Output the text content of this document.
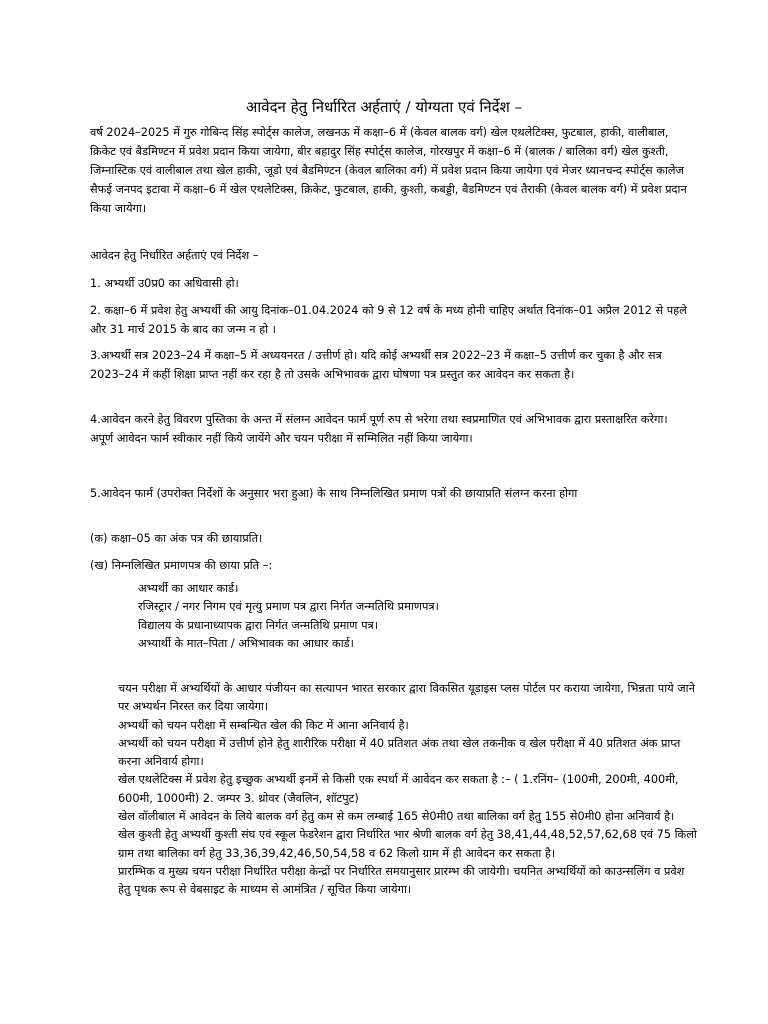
आवेदन हेतु निर्धारित अर्हताएं / योग्यता एवं निर्देश –
वर्ष 2024–2025 में गुरु गोबिन्द सिंह स्पोर्ट्स कालेज, लखनऊ में कक्षा–6 में (केवल बालक वर्ग) खेल एथलेटिक्स, फुटबाल, हाकी, वालीबाल, क्रिकेट एवं बैडमिण्टन में प्रवेश प्रदान किया जायेगा, बीर बहादुर सिंह स्पोर्ट्स कालेज, गोरखपुर में कक्षा–6 में (बालक / बालिका वर्ग) खेल कुश्ती, जिम्नास्टिक एवं वालीबाल तथा खेल हाकी, जूडो एवं बैडमिण्टन (केवल बालिका वर्ग) में प्रवेश प्रदान किया जायेगा एवं मेजर ध्यानचन्द स्पोर्ट्स कालेज सैफई जनपद इटावा में कक्षा–6 में खेल एथलेटिक्स, क्रिकेट, फुटबाल, हाकी, कुश्ती, कबड्डी, बैडमिण्टन एवं तैराकी (केवल बालक वर्ग) में प्रवेश प्रदान किया जायेगा।
आवेदन हेतु निर्धारित अर्हताएं एवं निर्देश –
1. अभ्यर्थी उ0प्र0 का अधिवासी हो।
2. कक्षा–6 में प्रवेश हेतु अभ्यर्थी की आयु दिनांक–01.04.2024 को 9 से 12 वर्ष के मध्य होनी चाहिए अर्थात दिनांक–01 अप्रैल 2012 से पहले और 31 मार्च 2015 के बाद का जन्म न हो ।
3.अभ्यर्थी सत्र 2023–24 में कक्षा–5 में अध्ययनरत / उत्तीर्ण हो। यदि कोई अभ्यर्थी सत्र 2022–23 में कक्षा–5 उत्तीर्ण कर चुका है और सत्र 2023–24 में कहीं शिक्षा प्राप्त नहीं कर रहा है तो उसके अभिभावक द्वारा घोषणा पत्र प्रस्तुत कर आवेदन कर सकता है।
4.आवेदन करने हेतु विवरण पुस्तिका के अन्त में संलग्न आवेदन फार्म पूर्ण रुप से भरेगा तथा स्वप्रमाणित एवं अभिभावक द्वारा प्रस्ताक्षरित करेगा। अपूर्ण आवेदन फार्म स्वीकार नहीं किये जायेंगे और चयन परीक्षा में सम्मिलित नहीं किया जायेगा।
5.आवेदन फार्म (उपरोक्त निर्देशों के अनुसार भरा हुआ) के साथ निम्नलिखित प्रमाण पत्रों की छायाप्रति संलग्न करना होगा
(क) कक्षा–05 का अंक पत्र की छायाप्रति।
(ख) निम्नलिखित प्रमाणपत्र की छाया प्रति –:

अभ्यर्थी का आधार कार्ड।

रजिस्ट्रार / नगर निगम एवं मृत्यु प्रमाण पत्र द्वारा निर्गत जन्मतिथि प्रमाणपत्र।

विद्यालय के प्रधानाध्यापक द्वारा निर्गत जन्मतिथि प्रमाण पत्र।

अभ्यार्थी के मात–पिता / अभिभावक का आधार कार्ड।

चयन परीक्षा में अभ्यर्थियों के आधार पंजीयन का सत्यापन भारत सरकार द्वारा विकसित यूडाइस प्लस पोर्टल पर कराया जायेगा, भिन्नता पाये जाने पर अभ्यर्थन निरस्त कर दिया जायेगा।

अभ्यर्थी को चयन परीक्षा में सम्बन्धित खेल की किट में आना अनिवार्य है।

अभ्यर्थी को चयन परीक्षा में उत्तीर्ण होने हेतु शारीरिक परीक्षा में 40 प्रतिशत अंक तथा खेल तकनीक व खेल परीक्षा में 40 प्रतिशत अंक प्राप्त करना अनिवार्य होगा।

खेल एथलेटिक्स में प्रवेश हेतु इच्छुक अभ्यर्थी इनमें से किसी एक स्पर्धा में आवेदन कर सकता है :– ( 1.रनिंग– (100मी, 200मी, 400मी, 600मी, 1000मी) 2. जम्पर 3. थ्रोवर (जैवलिन, शॉटपुट)

खेल वॉलीबाल में आवेदन के लिये बालक वर्ग हेतु कम से कम लम्बाई 165 से0मी0 तथा बालिका वर्ग हेतु 155 से0मी0 होना अनिवार्य है।

खेल कुश्ती हेतु अभ्यर्थी कुश्ती संघ एवं स्कूल फेडरेशन द्वारा निर्धारित भार श्रेणी बालक वर्ग हेतु 38,41,44,48,52,57,62,68 एवं 75 किलो ग्राम तथा बालिका वर्ग हेतु 33,36,39,42,46,50,54,58 व 62 किलो ग्राम में ही आवेदन कर सकता है।

प्रारम्भिक व मुख्य चयन परीक्षा निर्धारित परीक्षा केन्द्रों पर निर्धारित समयानुसार प्रारम्भ की जायेगी। चयनित अभ्यर्थियों को काउन्सलिंग व प्रवेश हेतु पृथक रूप से वेबसाइट के माध्यम से आमंत्रित / सूचित किया जायेगा।
